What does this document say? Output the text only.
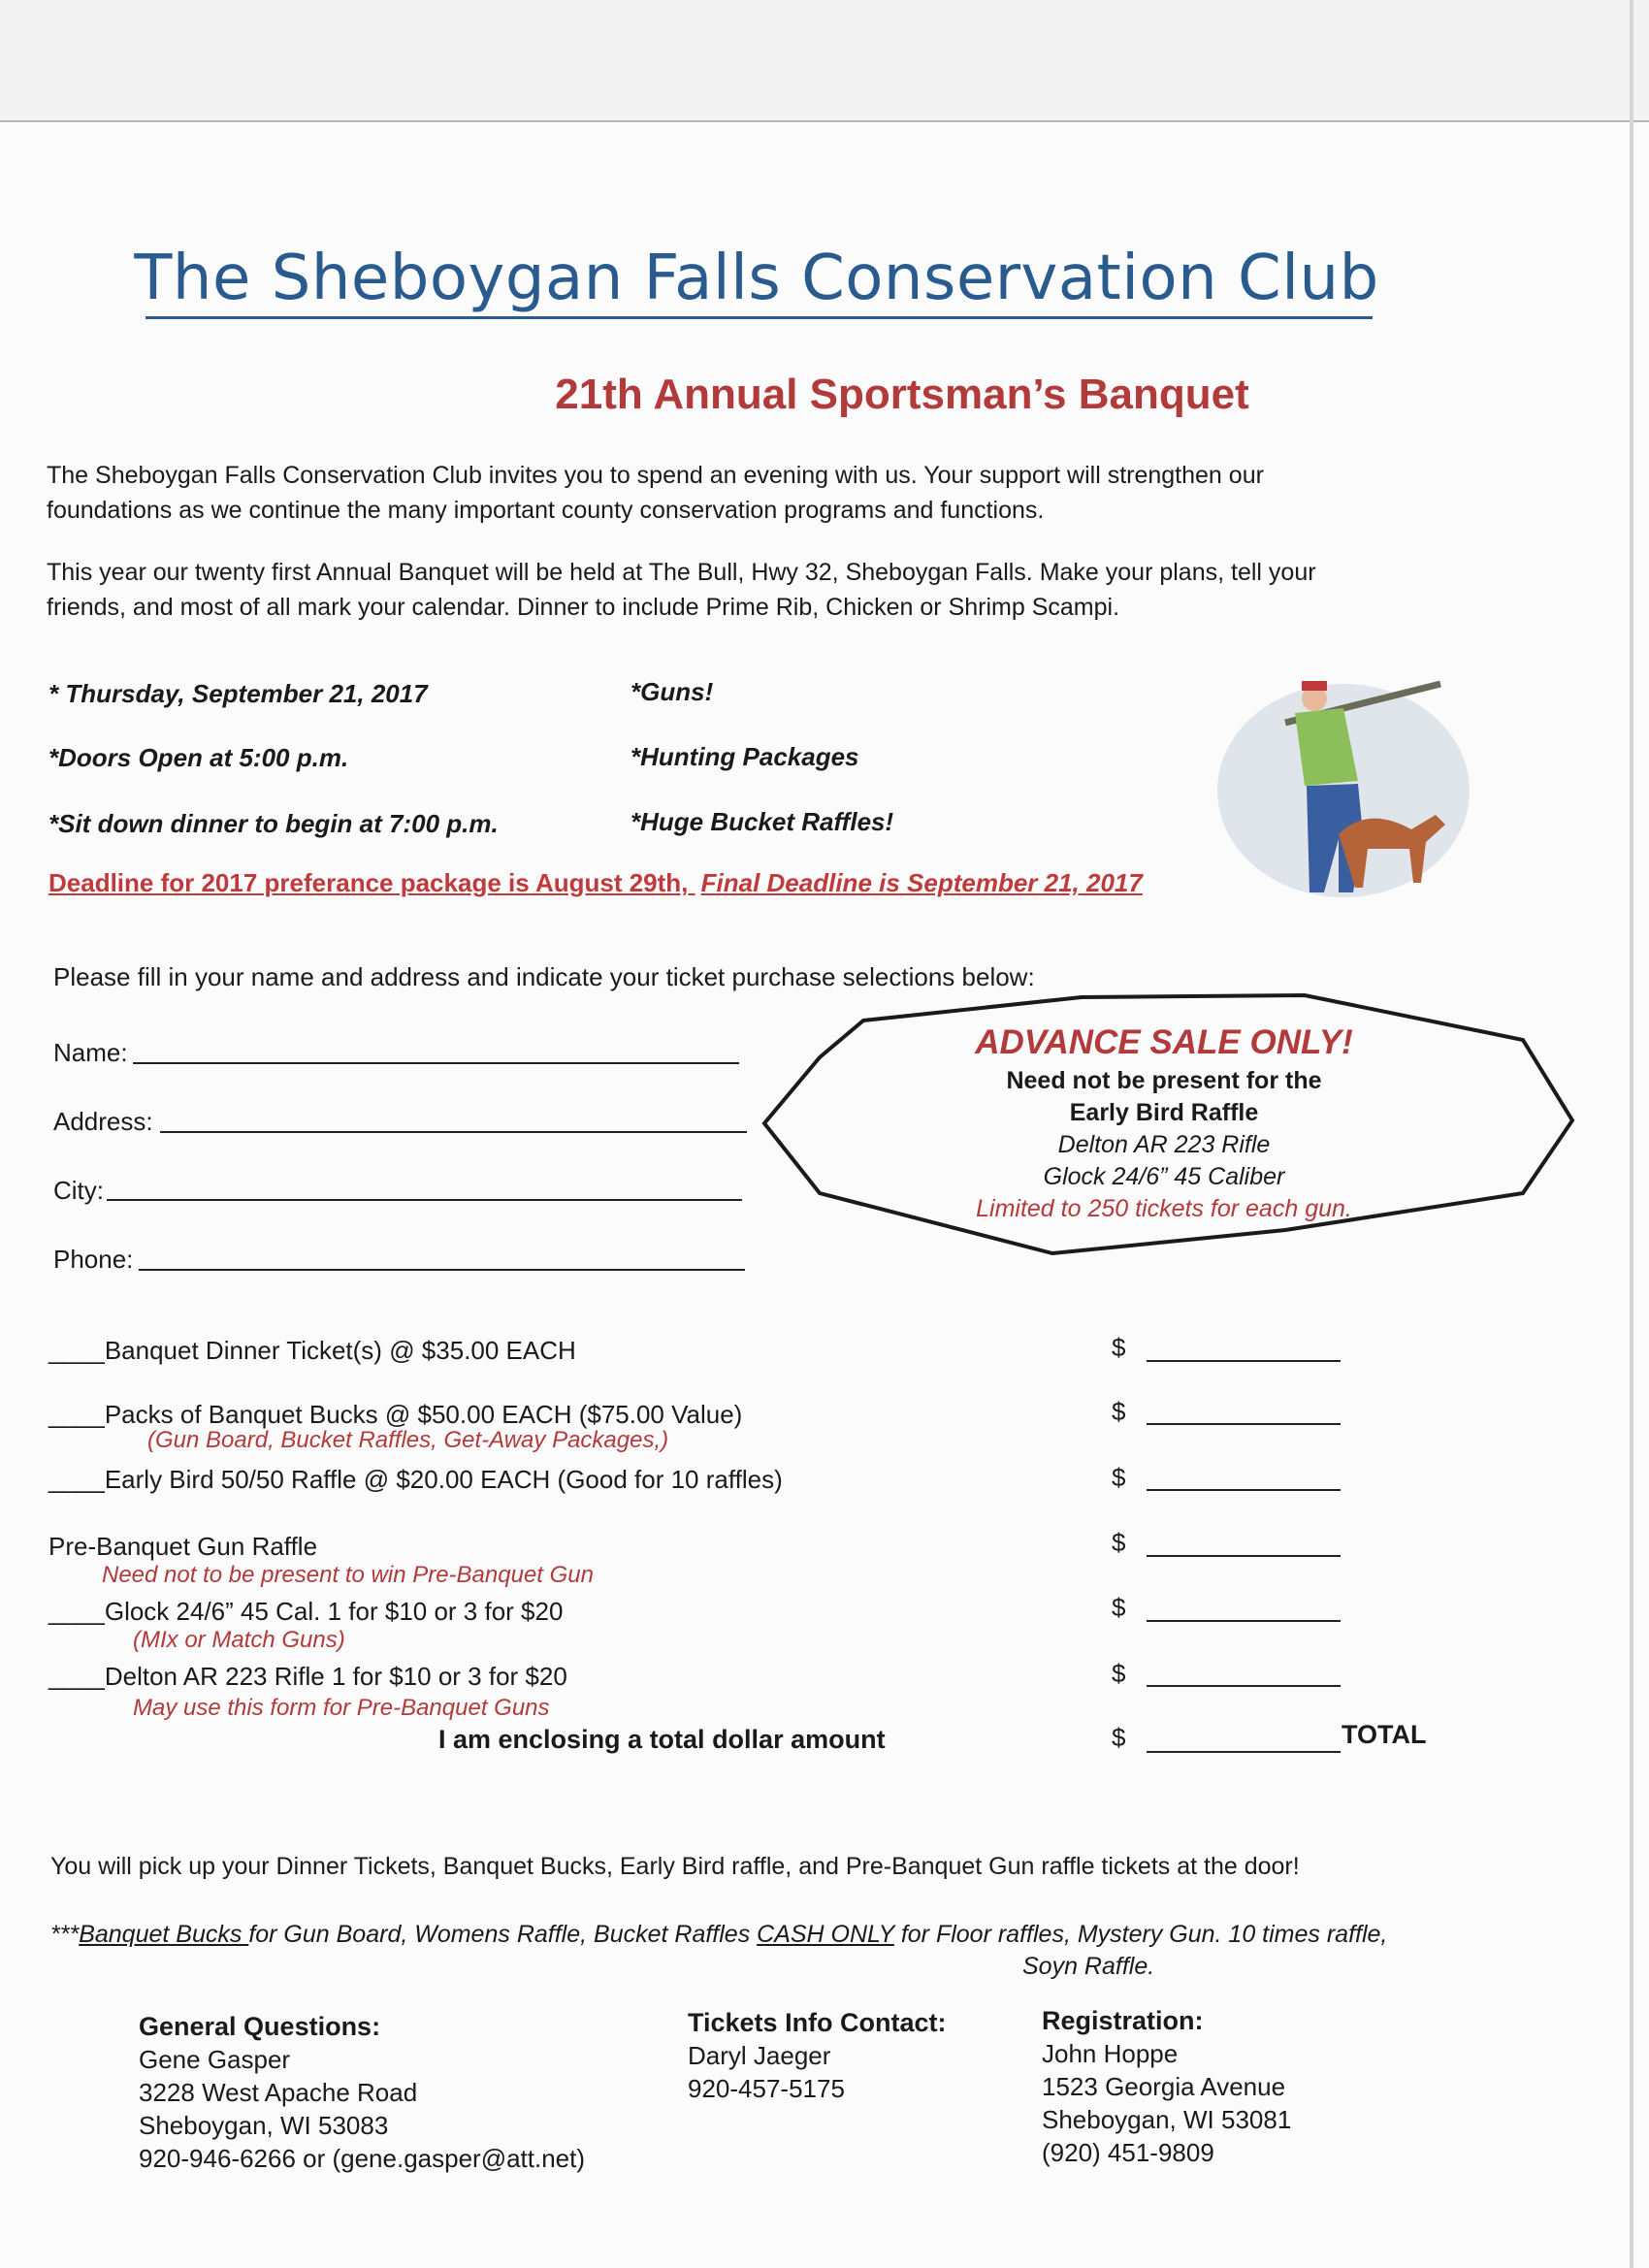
The Sheboygan Falls Conservation Club
21th Annual Sportsman’s Banquet
The Sheboygan Falls Conservation Club invites you to spend an evening with us. Your support will strengthen our
foundations as we continue the many important county conservation programs and functions.
This year our twenty first Annual Banquet will be held at The Bull, Hwy 32, Sheboygan Falls. Make your plans, tell your
friends, and most of all mark your calendar. Dinner to include Prime Rib, Chicken or Shrimp Scampi.
* Thursday, September 21, 2017
*Doors Open at 5:00 p.m.
*Sit down dinner to begin at 7:00 p.m.
*Guns!
*Hunting Packages
*Huge Bucket Raffles!
Deadline for 2017 preferance package is August 29th, Final Deadline is September 21, 2017
Please fill in your name and address and indicate your ticket purchase selections below:
Name:
Address:
City:
Phone:
ADVANCE SALE ONLY!
Need not be present for the
Early Bird Raffle
Delton AR 223 Rifle
Glock 24/6” 45 Caliber
Limited to 250 tickets for each gun.
____Banquet Dinner Ticket(s) @ $35.00 EACH
____Packs of Banquet Bucks @ $50.00 EACH ($75.00 Value)
(Gun Board, Bucket Raffles, Get-Away Packages,)
____Early Bird 50/50 Raffle @ $20.00 EACH (Good for 10 raffles)
Pre-Banquet Gun Raffle
Need not to be present to win Pre-Banquet Gun
____Glock 24/6” 45 Cal. 1 for $10 or 3 for $20
(MIx or Match Guns)
____Delton AR 223 Rifle 1 for $10 or 3 for $20
May use this form for Pre-Banquet Guns
I am enclosing a total dollar amount
$
$
$
$
$
$
$	TOTAL
You will pick up your Dinner Tickets, Banquet Bucks, Early Bird raffle, and Pre-Banquet Gun raffle tickets at the door!
***Banquet Bucks for Gun Board, Womens Raffle, Bucket Raffles CASH ONLY for Floor raffles, Mystery Gun. 10 times raffle,
Soyn Raffle.
General Questions:
Gene Gasper
3228 West Apache Road
Sheboygan, WI 53083
920-946-6266 or (gene.gasper@att.net)
Tickets Info Contact:
Daryl Jaeger
920-457-5175
Registration:
John Hoppe
1523 Georgia Avenue
Sheboygan, WI 53081
(920) 451-9809
